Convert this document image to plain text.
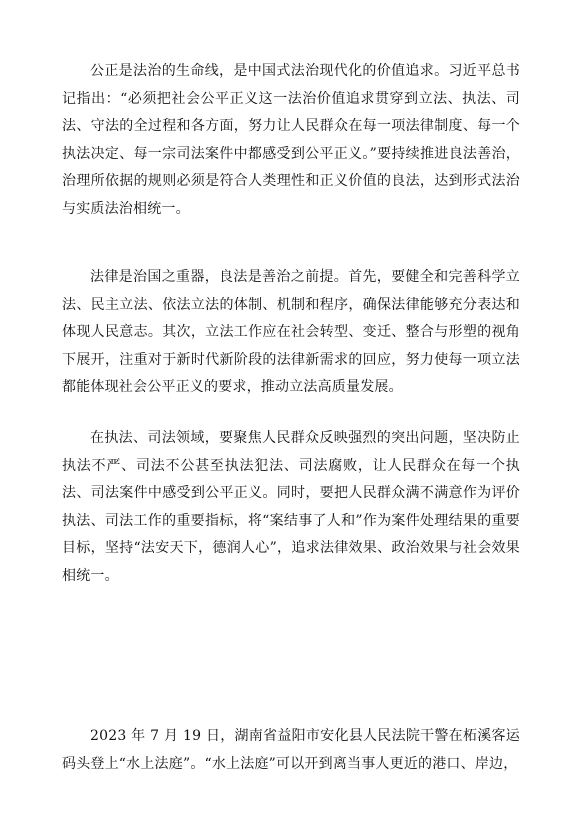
公正是法治的生命线，是中国式法治现代化的价值追求。习近平总书记指出：“必须把社会公平正义这一法治价值追求贯穿到立法、执法、司法、守法的全过程和各方面，努力让人民群众在每一项法律制度、每一个执法决定、每一宗司法案件中都感受到公平正义。”要持续推进良法善治，治理所依据的规则必须是符合人类理性和正义价值的良法，达到形式法治与实质法治相统一。

法律是治国之重器，良法是善治之前提。首先，要健全和完善科学立法、民主立法、依法立法的体制、机制和程序，确保法律能够充分表达和体现人民意志。其次，立法工作应在社会转型、变迁、整合与形塑的视角下展开，注重对于新时代新阶段的法律新需求的回应，努力使每一项立法都能体现社会公平正义的要求，推动立法高质量发展。

在执法、司法领域，要聚焦人民群众反映强烈的突出问题，坚决防止执法不严、司法不公甚至执法犯法、司法腐败，让人民群众在每一个执法、司法案件中感受到公平正义。同时，要把人民群众满不满意作为评价执法、司法工作的重要指标，将“案结事了人和”作为案件处理结果的重要目标，坚持“法安天下，德润人心”，追求法律效果、政治效果与社会效果相统一。

2023 年 7 月 19 日，湖南省益阳市安化县人民法院干警在柘溪客运码头登上“水上法庭”。“水上法庭”可以开到离当事人更近的港口、岸边，
